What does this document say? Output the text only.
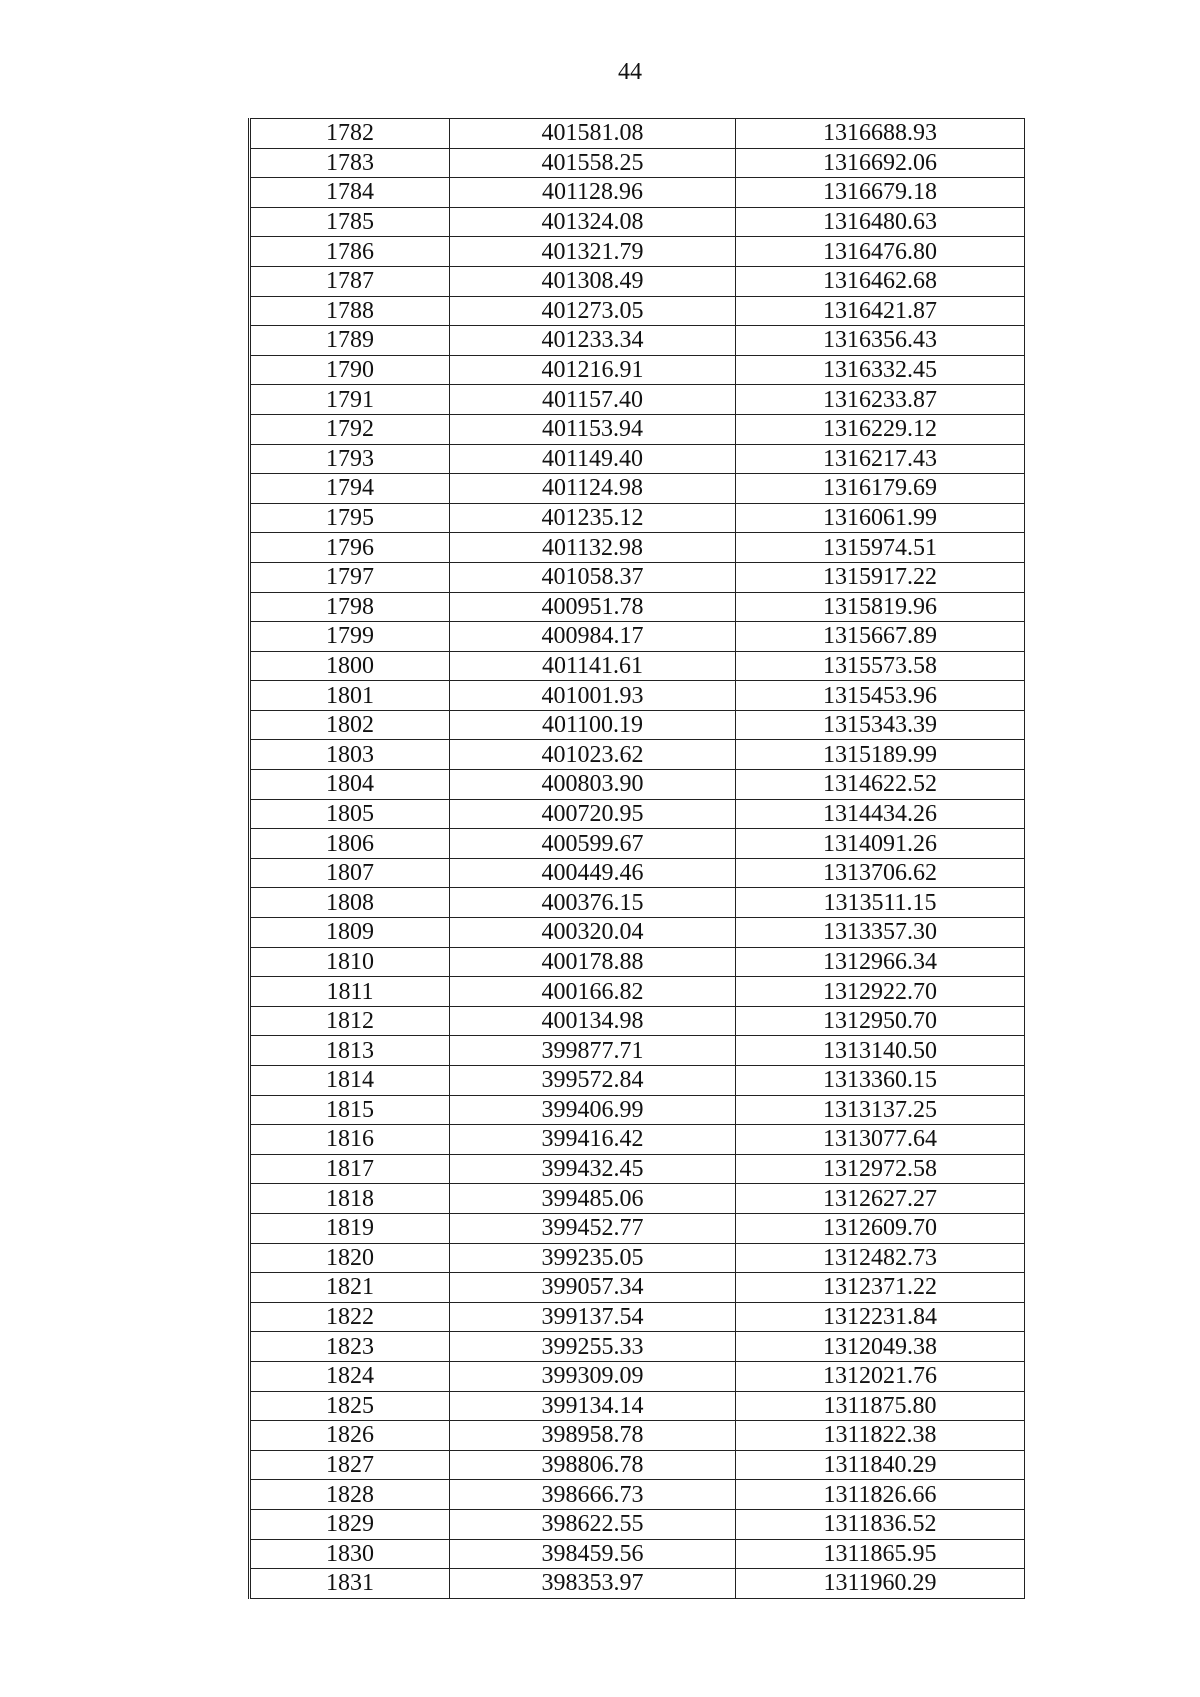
44
1782	401581.08	1316688.93
1783	401558.25	1316692.06
1784	401128.96	1316679.18
1785	401324.08	1316480.63
1786	401321.79	1316476.80
1787	401308.49	1316462.68
1788	401273.05	1316421.87
1789	401233.34	1316356.43
1790	401216.91	1316332.45
1791	401157.40	1316233.87
1792	401153.94	1316229.12
1793	401149.40	1316217.43
1794	401124.98	1316179.69
1795	401235.12	1316061.99
1796	401132.98	1315974.51
1797	401058.37	1315917.22
1798	400951.78	1315819.96
1799	400984.17	1315667.89
1800	401141.61	1315573.58
1801	401001.93	1315453.96
1802	401100.19	1315343.39
1803	401023.62	1315189.99
1804	400803.90	1314622.52
1805	400720.95	1314434.26
1806	400599.67	1314091.26
1807	400449.46	1313706.62
1808	400376.15	1313511.15
1809	400320.04	1313357.30
1810	400178.88	1312966.34
1811	400166.82	1312922.70
1812	400134.98	1312950.70
1813	399877.71	1313140.50
1814	399572.84	1313360.15
1815	399406.99	1313137.25
1816	399416.42	1313077.64
1817	399432.45	1312972.58
1818	399485.06	1312627.27
1819	399452.77	1312609.70
1820	399235.05	1312482.73
1821	399057.34	1312371.22
1822	399137.54	1312231.84
1823	399255.33	1312049.38
1824	399309.09	1312021.76
1825	399134.14	1311875.80
1826	398958.78	1311822.38
1827	398806.78	1311840.29
1828	398666.73	1311826.66
1829	398622.55	1311836.52
1830	398459.56	1311865.95
1831	398353.97	1311960.29
